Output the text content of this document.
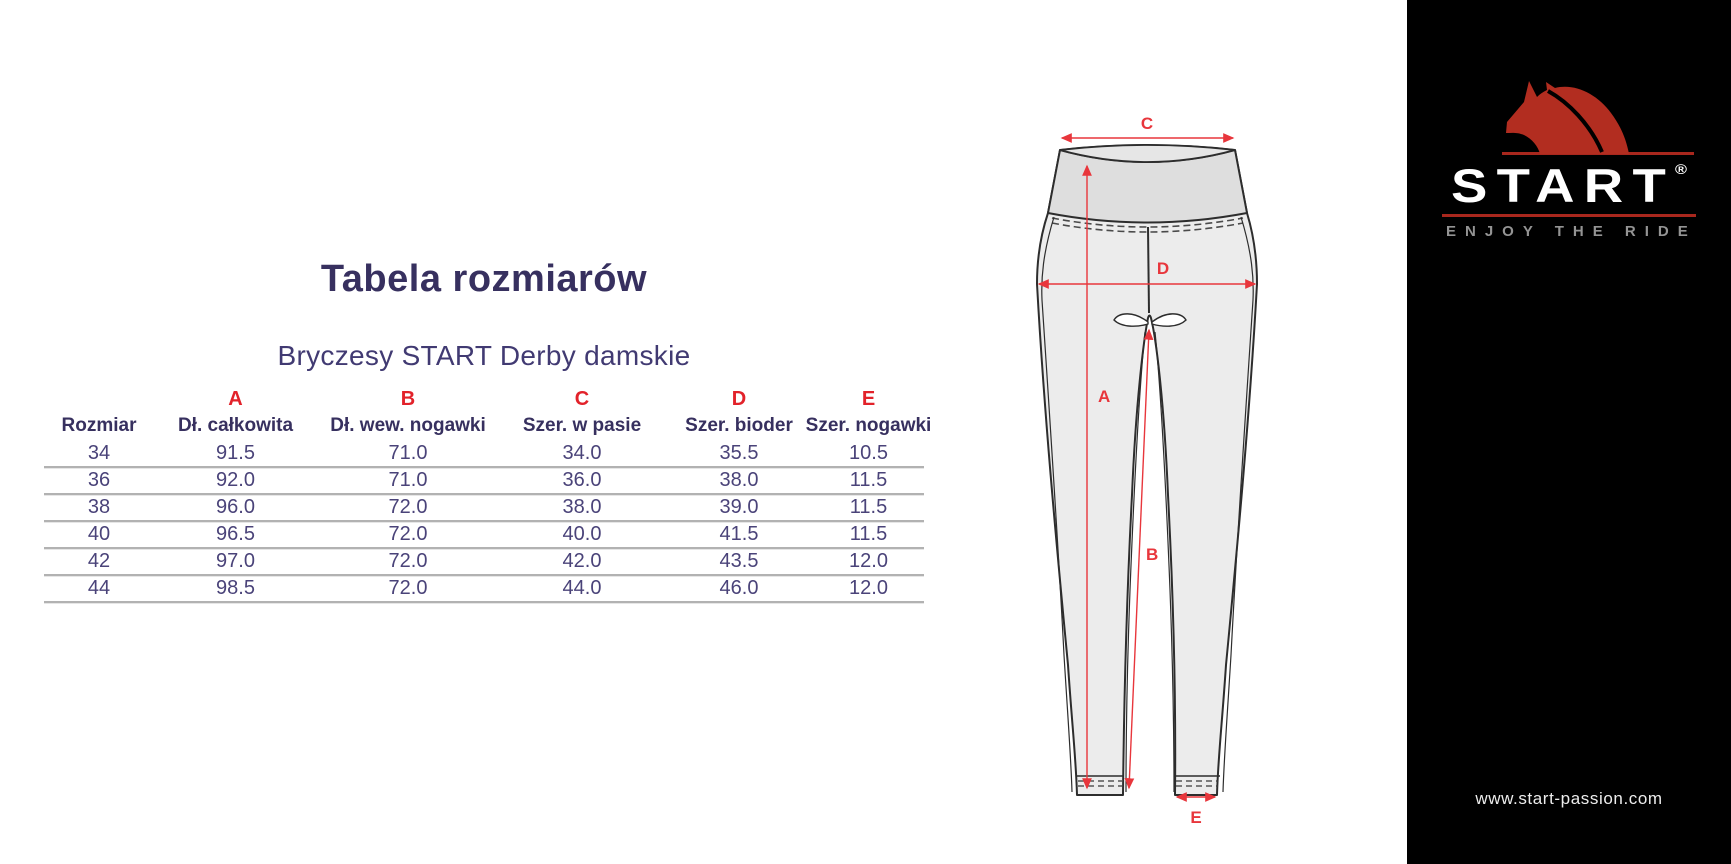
Tabela rozmiarów
Bryczesy START Derby damskie
	A	B	C	D	E

Rozmiar	Dł. całkowita	Dł. wew. nogawki	Szer. w pasie	Szer. bioder	Szer. nogawki

34	91.5	71.0	34.0	35.5	10.5
36	92.0	71.0	36.0	38.0	11.5
38	96.0	72.0	38.0	39.0	11.5
40	96.5	72.0	40.0	41.5	11.5
42	97.0	72.0	42.0	43.5	12.0
44	98.5	72.0	44.0	46.0	12.0
C
A
D
B
E
START®
ENJOY THE RIDE
www.start-passion.com
